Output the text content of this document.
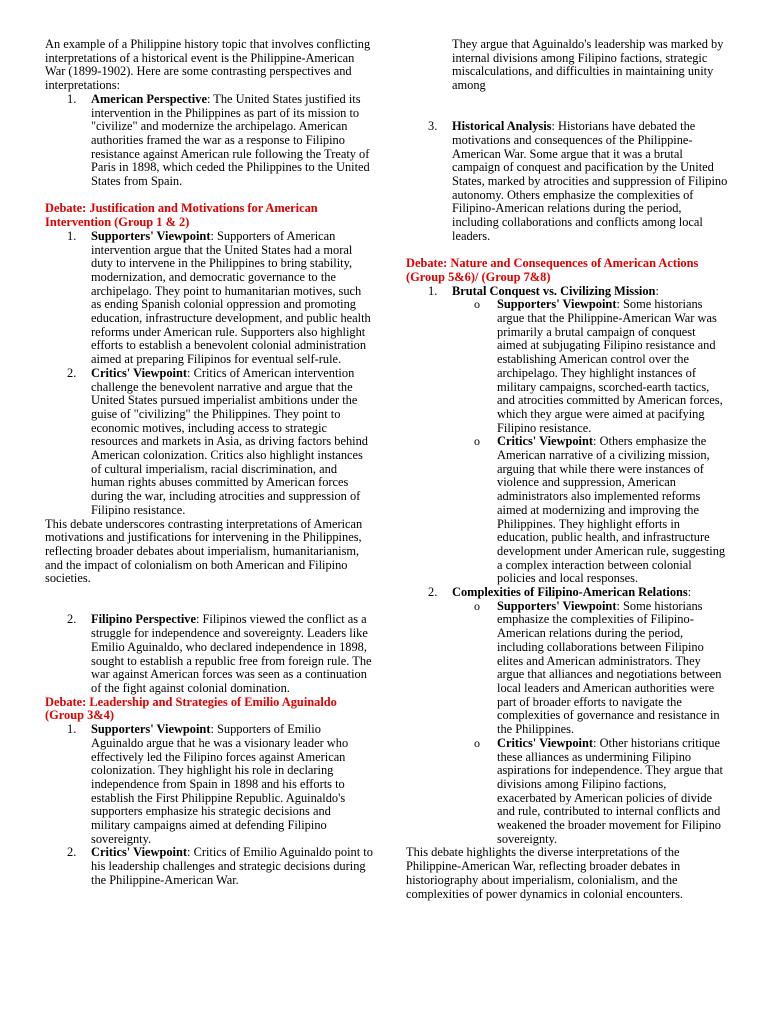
An example of a Philippine history topic that involves conflicting interpretations of a historical event is the Philippine-American War (1899-1902). Here are some contrasting perspectives and interpretations:

1. American Perspective: The United States justified its intervention in the Philippines as part of its mission to "civilize" and modernize the archipelago. American authorities framed the war as a response to Filipino resistance against American rule following the Treaty of Paris in 1898, which ceded the Philippines to the United States from Spain.

Debate: Justification and Motivations for American Intervention (Group 1 & 2)

1. Supporters' Viewpoint: Supporters of American intervention argue that the United States had a moral duty to intervene in the Philippines to bring stability, modernization, and democratic governance to the archipelago. They point to humanitarian motives, such as ending Spanish colonial oppression and promoting education, infrastructure development, and public health reforms under American rule. Supporters also highlight efforts to establish a benevolent colonial administration aimed at preparing Filipinos for eventual self-rule.
2. Critics' Viewpoint: Critics of American intervention challenge the benevolent narrative and argue that the United States pursued imperialist ambitions under the guise of "civilizing" the Philippines. They point to economic motives, including access to strategic resources and markets in Asia, as driving factors behind American colonization. Critics also highlight instances of cultural imperialism, racial discrimination, and human rights abuses committed by American forces during the war, including atrocities and suppression of Filipino resistance.

This debate underscores contrasting interpretations of American motivations and justifications for intervening in the Philippines, reflecting broader debates about imperialism, humanitarianism, and the impact of colonialism on both American and Filipino societies.

2. Filipino Perspective: Filipinos viewed the conflict as a struggle for independence and sovereignty. Leaders like Emilio Aguinaldo, who declared independence in 1898, sought to establish a republic free from foreign rule. The war against American forces was seen as a continuation of the fight against colonial domination.

Debate: Leadership and Strategies of Emilio Aguinaldo (Group 3&4)

1. Supporters' Viewpoint: Supporters of Emilio Aguinaldo argue that he was a visionary leader who effectively led the Filipino forces against American colonization. They highlight his role in declaring independence from Spain in 1898 and his efforts to establish the First Philippine Republic. Aguinaldo's supporters emphasize his strategic decisions and military campaigns aimed at defending Filipino sovereignty.
2. Critics' Viewpoint: Critics of Emilio Aguinaldo point to his leadership challenges and strategic decisions during the Philippine-American War.
They argue that Aguinaldo's leadership was marked by internal divisions among Filipino factions, strategic miscalculations, and difficulties in maintaining unity among
3. Historical Analysis: Historians have debated the motivations and consequences of the Philippine-American War. Some argue that it was a brutal campaign of conquest and pacification by the United States, marked by atrocities and suppression of Filipino autonomy. Others emphasize the complexities of Filipino-American relations during the period, including collaborations and conflicts among local leaders.

Debate: Nature and Consequences of American Actions (Group 5&6)/ (Group 7&8)

1. Brutal Conquest vs. Civilizing Mission:
o Supporters' Viewpoint: Some historians argue that the Philippine-American War was primarily a brutal campaign of conquest aimed at subjugating Filipino resistance and establishing American control over the archipelago. They highlight instances of military campaigns, scorched-earth tactics, and atrocities committed by American forces, which they argue were aimed at pacifying Filipino resistance.
o Critics' Viewpoint: Others emphasize the American narrative of a civilizing mission, arguing that while there were instances of violence and suppression, American administrators also implemented reforms aimed at modernizing and improving the Philippines. They highlight efforts in education, public health, and infrastructure development under American rule, suggesting a complex interaction between colonial policies and local responses.
2. Complexities of Filipino-American Relations:
o Supporters' Viewpoint: Some historians emphasize the complexities of Filipino-American relations during the period, including collaborations between Filipino elites and American administrators. They argue that alliances and negotiations between local leaders and American authorities were part of broader efforts to navigate the complexities of governance and resistance in the Philippines.
o Critics' Viewpoint: Other historians critique these alliances as undermining Filipino aspirations for independence. They argue that divisions among Filipino factions, exacerbated by American policies of divide and rule, contributed to internal conflicts and weakened the broader movement for Filipino sovereignty.

This debate highlights the diverse interpretations of the Philippine-American War, reflecting broader debates in historiography about imperialism, colonialism, and the complexities of power dynamics in colonial encounters.
